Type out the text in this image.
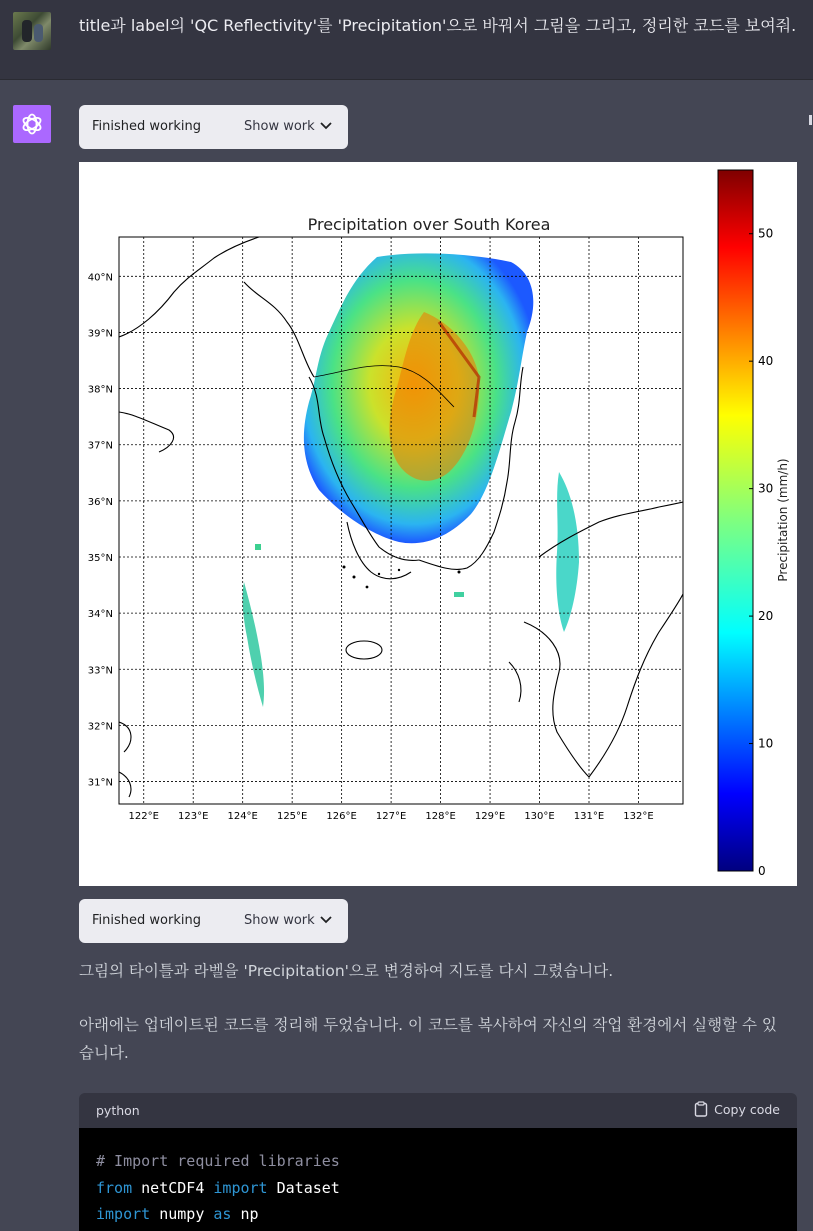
title과 label의 'QC Reflectivity'를 'Precipitation'으로 바꿔서 그림을 그리고, 정리한 코드를 보여줘.
Finished working	Show work
Precipitation over South Korea
122°E 123°E 124°E 125°E 126°E 127°E 128°E 129°E 130°E 131°E 132°E
40°N
39°N
38°N
37°N
36°N
35°N
34°N
33°N
32°N
31°N
0
10
20
30
40
50
Precipitation (mm/h)
Finished working	Show work
그림의 타이틀과 라벨을 'Precipitation'으로 변경하여 지도를 다시 그렸습니다.
아래에는 업데이트된 코드를 정리해 두었습니다. 이 코드를 복사하여 자신의 작업 환경에서 실행할 수 있습니다.
python	Copy code
# Import required libraries
from netCDF4 import Dataset
import numpy as np
